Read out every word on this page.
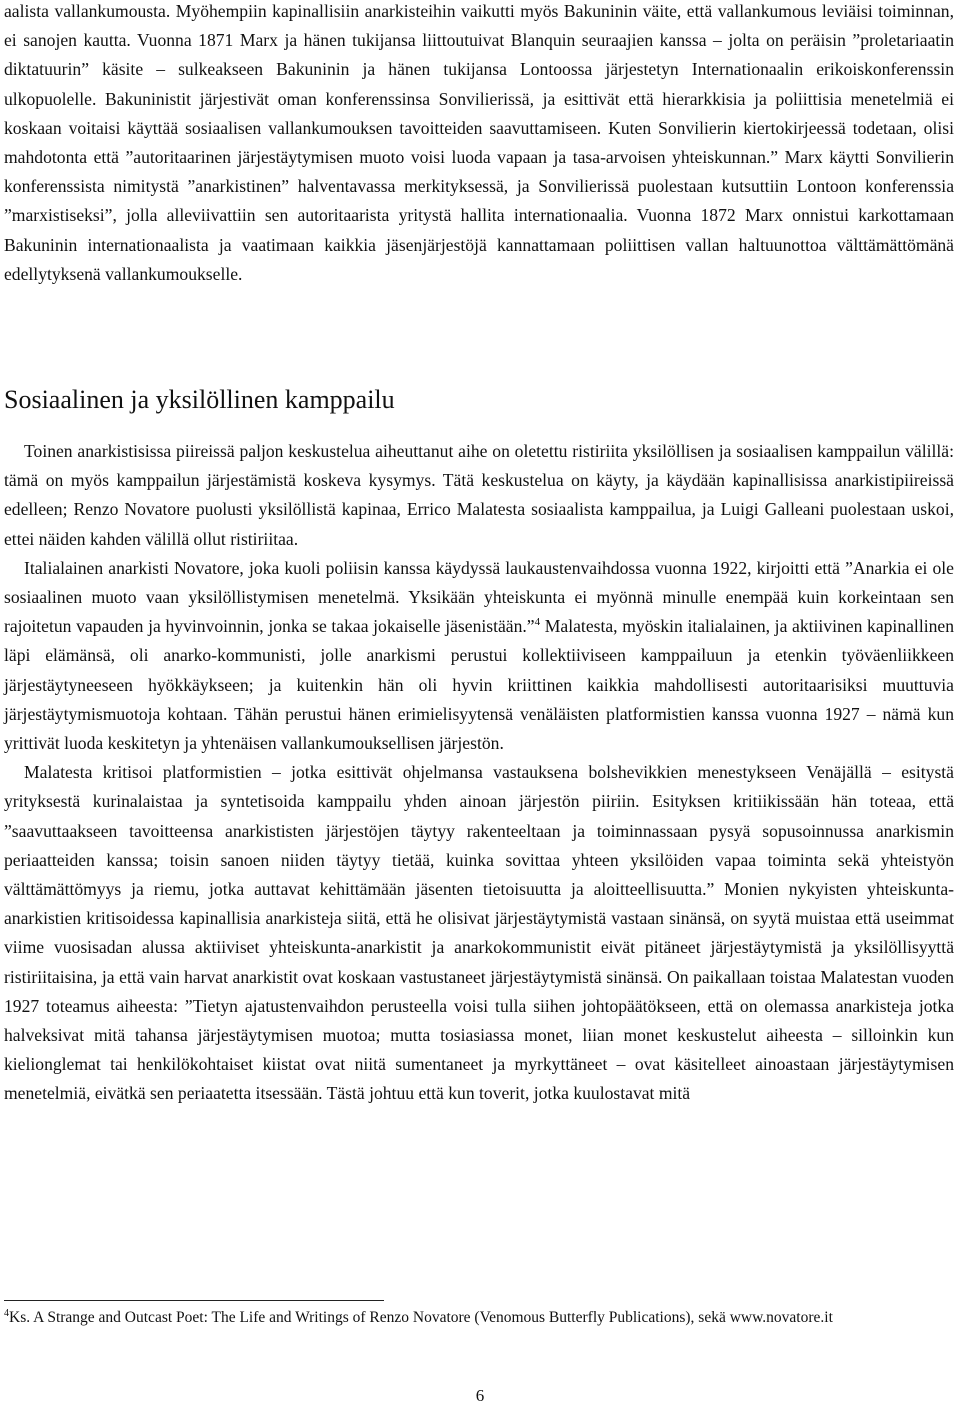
aalista vallankumousta. Myöhempiin kapinallisiin anarkisteihin vaikutti myös Bakuninin väite, että vallankumous leviäisi toiminnan, ei sanojen kautta. Vuonna 1871 Marx ja hänen tukijansa liittoutuivat Blanquin seuraajien kanssa – jolta on peräisin ”proletariaatin diktatuurin” käsite – sulkeakseen Bakuninin ja hänen tukijansa Lontoossa järjestetyn Internationaalin erikoiskonferenssin ulkopuolelle. Bakuninistit järjestivät oman konferenssinsa Sonvilierissä, ja esittivät että hierarkkisia ja poliittisia menetelmiä ei koskaan voitaisi käyttää sosiaalisen vallankumouksen tavoitteiden saavuttamiseen. Kuten Sonvilierin kiertokirjeessä todetaan, olisi mahdotonta että ”autoritaarinen järjestäytymisen muoto voisi luoda vapaan ja tasa-arvoisen yhteiskunnan.” Marx käytti Sonvilierin konferenssista nimitystä ”anarkistinen” halventavassa merkityksessä, ja Sonvilierissä puolestaan kutsuttiin Lontoon konferenssia ”marxistiseksi”, jolla alleviivattiin sen autoritaarista yritystä hallita internationaalia. Vuonna 1872 Marx onnistui karkottamaan Bakuninin internationaalista ja vaatimaan kaikkia jäsenjärjestöjä kannattamaan poliittisen vallan haltuunottoa välttämättömänä edellytyksenä vallankumoukselle.

Sosiaalinen ja yksilöllinen kamppailu

Toinen anarkistisissa piireissä paljon keskustelua aiheuttanut aihe on oletettu ristiriita yksilöllisen ja sosiaalisen kamppailun välillä: tämä on myös kamppailun järjestämistä koskeva kysymys. Tätä keskustelua on käyty, ja käydään kapinallisissa anarkistipiireissä edelleen; Renzo Novatore puolusti yksilöllistä kapinaa, Errico Malatesta sosiaalista kamppailua, ja Luigi Galleani puolestaan uskoi, ettei näiden kahden välillä ollut ristiriitaa.

Italialainen anarkisti Novatore, joka kuoli poliisin kanssa käydyssä laukaustenvaihdossa vuonna 1922, kirjoitti että ”Anarkia ei ole sosiaalinen muoto vaan yksilöllistymisen menetelmä. Yksikään yhteiskunta ei myönnä minulle enempää kuin korkeintaan sen rajoitetun vapauden ja hyvinvoinnin, jonka se takaa jokaiselle jäsenistään.”$^4$ Malatesta, myöskin italialainen, ja aktiivinen kapinallinen läpi elämänsä, oli anarko-kommunisti, jolle anarkismi perustui kollektiiviseen kamppailuun ja etenkin työväenliikkeen järjestäytyneeseen hyökkäykseen; ja kuitenkin hän oli hyvin kriittinen kaikkia mahdollisesti autoritaarisiksi muuttuvia järjestäytymismuotoja kohtaan. Tähän perustui hänen erimielisyytensä venäläisten platformistien kanssa vuonna 1927 – nämä kun yrittivät luoda keskitetyn ja yhtenäisen vallankumouksellisen järjestön.

Malatesta kritisoi platformistien – jotka esittivät ohjelmansa vastauksena bolshevikkien menestykseen Venäjällä – esitystä yrityksestä kurinalaistaa ja syntetisoida kamppailu yhden ainoan järjestön piiriin. Esityksen kritiikissään hän toteaa, että ”saavuttaakseen tavoitteensa anarkististen järjestöjen täytyy rakenteeltaan ja toiminnassaan pysyä sopusoinnussa anarkismin periaatteiden kanssa; toisin sanoen niiden täytyy tietää, kuinka sovittaa yhteen yksilöiden vapaa toiminta sekä yhteistyön välttämättömyys ja riemu, jotka auttavat kehittämään jäsenten tietoisuutta ja aloitteellisuutta.” Monien nykyisten yhteiskunta-anarkistien kritisoidessa kapinallisia anarkisteja siitä, että he olisivat järjestäytymistä vastaan sinänsä, on syytä muistaa että useimmat viime vuosisadan alussa aktiiviset yhteiskunta-anarkistit ja anarkokommunistit eivät pitäneet järjestäytymistä ja yksilöllisyyttä ristiriitaisina, ja että vain harvat anarkistit ovat koskaan vastustaneet järjestäytymistä sinänsä. On paikallaan toistaa Malatestan vuoden 1927 toteamus aiheesta: ”Tietyn ajatustenvaihdon perusteella voisi tulla siihen johtopäätökseen, että on olemassa anarkisteja jotka halveksivat mitä tahansa järjestäytymisen muotoa; mutta tosiasiassa monet, liian monet keskustelut aiheesta – silloinkin kun kielionglemat tai henkilökohtaiset kiistat ovat niitä sumentaneet ja myrkyttäneet – ovat käsitelleet ainoastaan järjestäytymisen menetelmiä, eivätkä sen periaatetta itsessään. Tästä johtuu että kun toverit, jotka kuulostavat mitä

$^4$Ks. A Strange and Outcast Poet: The Life and Writings of Renzo Novatore (Venomous Butterfly Publications), sekä www.novatore.it

6
